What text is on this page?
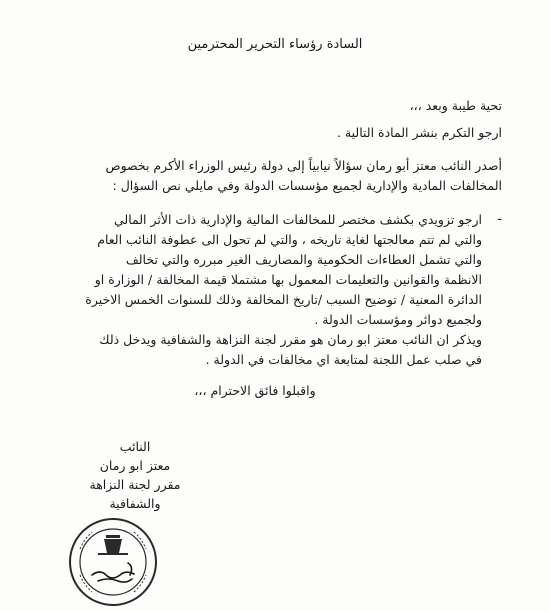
السادة رؤساء التحرير المحترمين
تحية طيبة وبعد ،،،
ارجو التكرم بنشر المادة التالية .
أصدر النائب معتز أبو رمان سؤالاً نيابياً إلى دولة رئيس الوزراء الأكرم بخصوص
المخالفات المادية والإدارية لجميع مؤسسات الدولة وفي مايلي نص السؤال :
-
ارجو تزويدي بكشف مختصر للمخالفات المالية والإدارية ذات الأثر المالي
والتي لم تتم معالجتها لغاية تاريخه ، والتي لم تحول الى عطوفة النائب العام
والتي تشمل العطاءات الحكومية والمصاريف الغير مبرره والتي تخالف
الانظمة والقوانين والتعليمات المعمول بها مشتملا قيمة المخالفة / الوزارة او
الدائرة المعنية / توضيح السبب /تاريخ المخالفة وذلك للسنوات الخمس الاخيرة
ولجميع دوائر ومؤسسات الدولة .
ويذكر ان النائب معتز ابو رمان هو مقرر لجنة النزاهة والشفافية ويدخل ذلك
في صلب عمل اللجنة لمتابعة اي مخالفات في الدولة .
واقبلوا فائق الاحترام ،،،
النائب
معتز ابو رمان
مقرر لجنة النزاهة والشفافية
